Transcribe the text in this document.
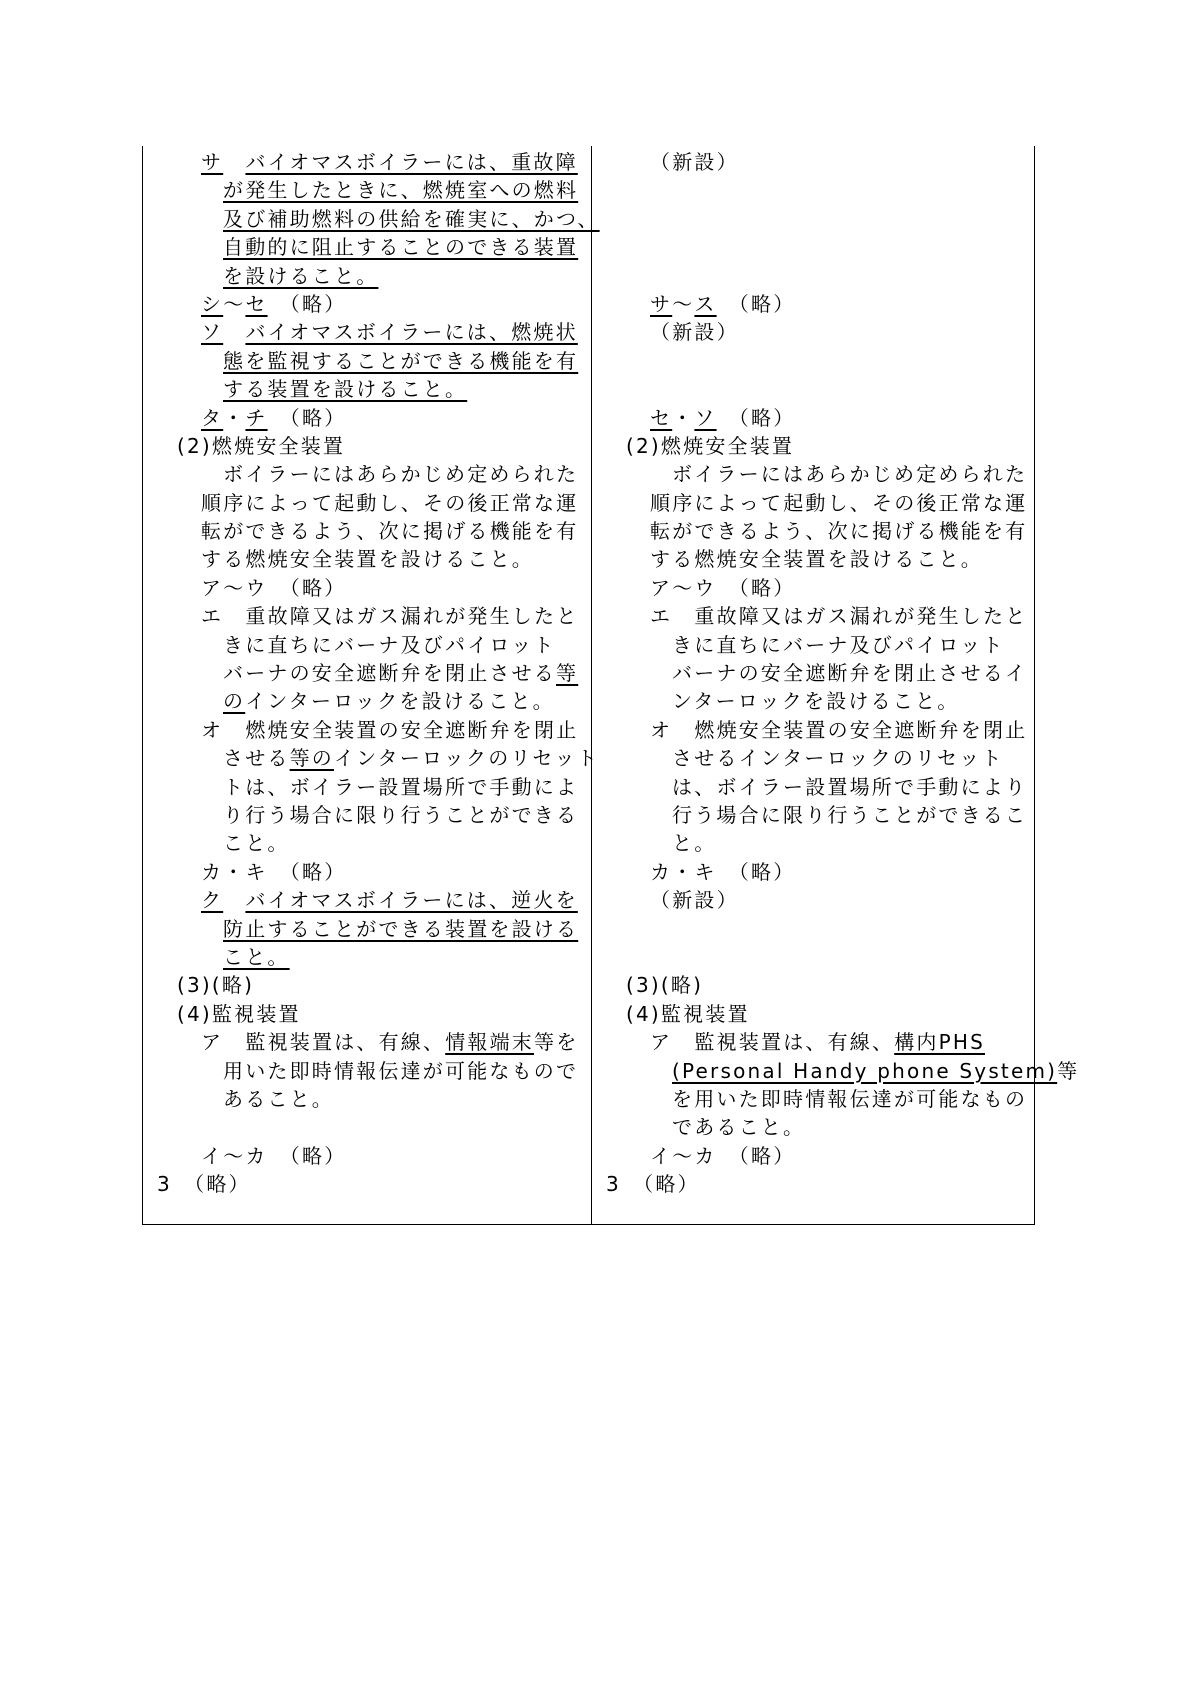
サ　 バイオマスボイラーには、重故障
が発生したときに、燃焼室への燃料
及び補助燃料の供給を確実に、かつ、
自動的に阻止することのできる装置
を設けること。
シ～セ　（略）
ソ　 バイオマスボイラーには、燃焼状
態を監視することができる機能を有
する装置を設けること。
タ・チ　（略）
(2)燃焼安全装置
ボイラーにはあらかじめ定められた
順序によって起動し、その後正常な運
転ができるよう、次に掲げる機能を有
する燃焼安全装置を設けること。
ア～ウ　（略）
エ　重故障又はガス漏れが発生したと
きに直ちにバーナ及びパイロット
バーナの安全遮断弁を閉止させる等
のインターロックを設けること。
オ　燃焼安全装置の安全遮断弁を閉止
させる等のインターロックのリセット
トは、ボイラー設置場所で手動によ
り行う場合に限り行うことができる
こと。
カ・キ　（略）
ク　 バイオマスボイラーには、逆火を
防止することができる装置を設ける
こと。
(3)(略)
(4)監視装置
ア　監視装置は、有線、情報端末等を
用いた即時情報伝達が可能なもので
あること。
イ～カ　（略）
3　（略）
（新設）
サ～ス　（略）
（新設）
セ・ソ　（略）
(2)燃焼安全装置
ボイラーにはあらかじめ定められた
順序によって起動し、その後正常な運
転ができるよう、次に掲げる機能を有
する燃焼安全装置を設けること。
ア～ウ　（略）
エ　重故障又はガス漏れが発生したと
きに直ちにバーナ及びパイロット
バーナの安全遮断弁を閉止させるイ
ンターロックを設けること。
オ　燃焼安全装置の安全遮断弁を閉止
させるインターロックのリセット
は、ボイラー設置場所で手動により
行う場合に限り行うことができるこ
と。
カ・キ　（略）
（新設）
(3)(略)
(4)監視装置
ア　監視装置は、有線、構内PHS
(Personal Handy phone System)等
を用いた即時情報伝達が可能なもの
であること。
イ～カ　（略）
3　（略）
